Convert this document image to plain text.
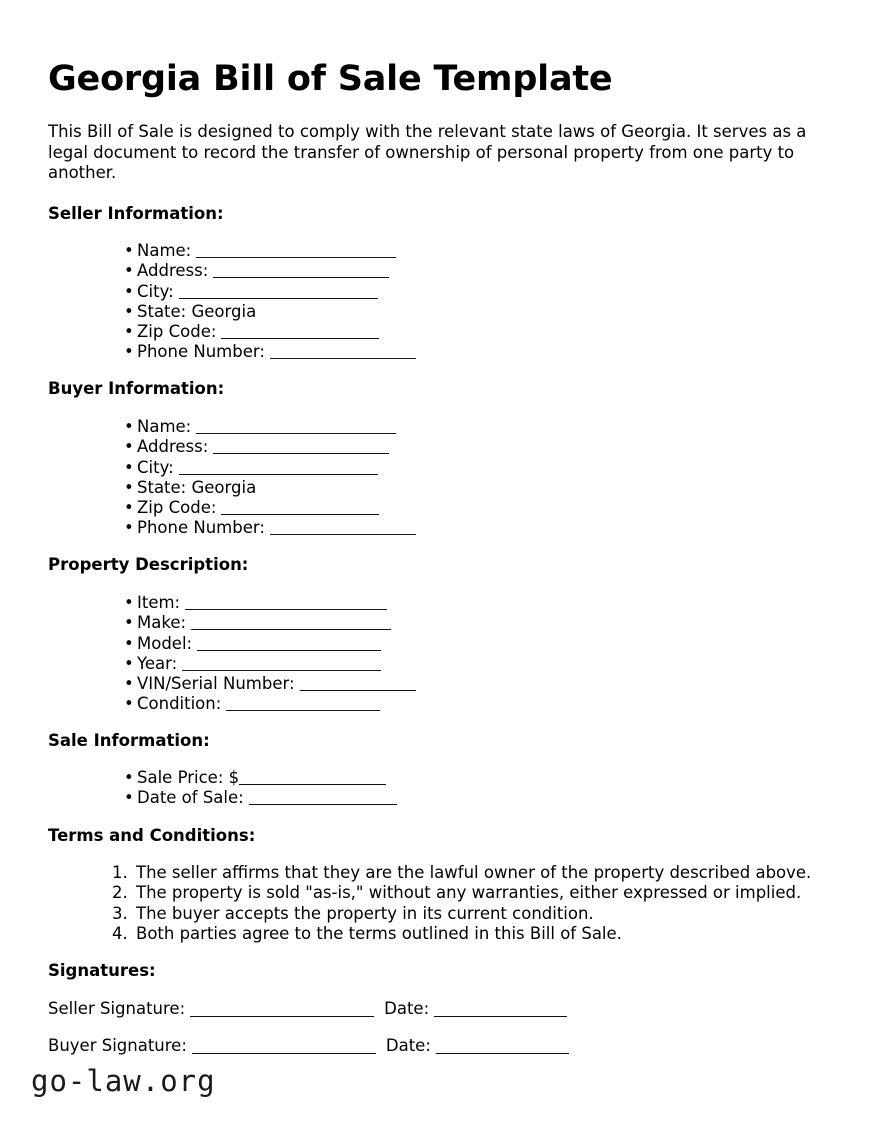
Georgia Bill of Sale Template

This Bill of Sale is designed to comply with the relevant state laws of Georgia. It serves as a legal document to record the transfer of ownership of personal property from one party to another.

Seller Information:
• Name:
• Address:
• City:
• State: Georgia
• Zip Code:
• Phone Number:
Buyer Information:
• Name:
• Address:
• City:
• State: Georgia
• Zip Code:
• Phone Number:
Property Description:
• Item:
• Make:
• Model:
• Year:
• VIN/Serial Number:
• Condition:
Sale Information:
• Sale Price: $
• Date of Sale:
Terms and Conditions:
1. The seller affirms that they are the lawful owner of the property described above.
2. The property is sold "as-is," without any warranties, either expressed or implied.
3. The buyer accepts the property in its current condition.
4. Both parties agree to the terms outlined in this Bill of Sale.
Signatures:
Seller Signature:	Date:
Buyer Signature:	Date:
go-law.org
